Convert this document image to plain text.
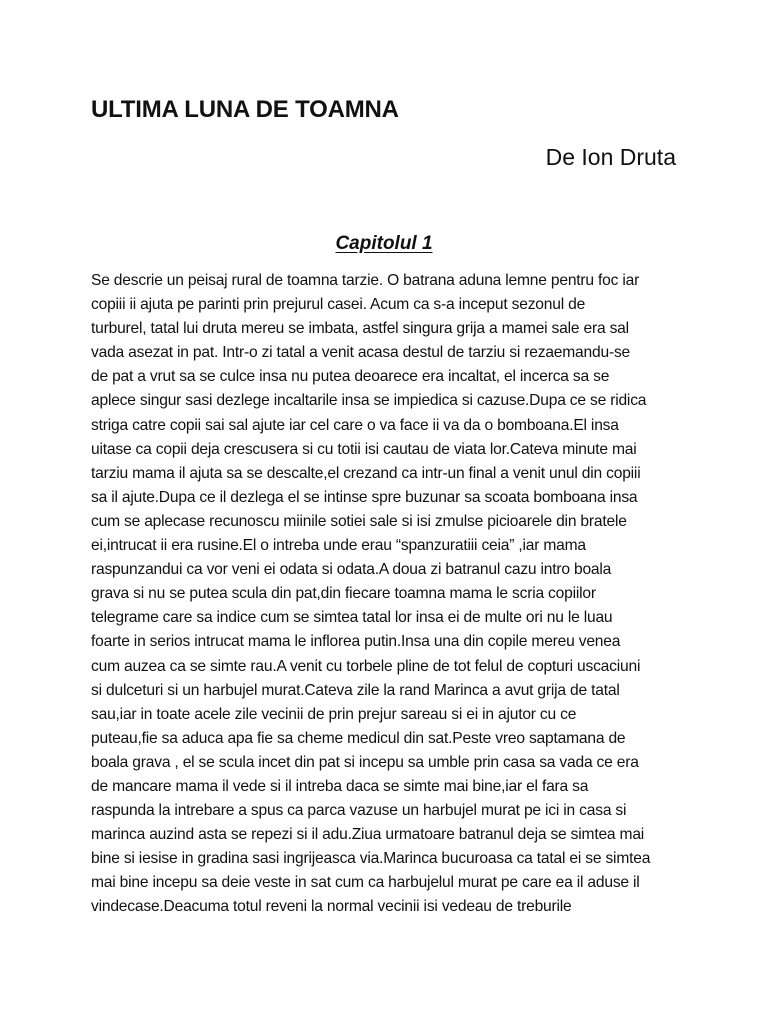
ULTIMA LUNA DE TOAMNA
De Ion Druta
Capitolul 1
Se descrie un peisaj rural de toamna tarzie. O batrana aduna lemne pentru foc iar
copiii ii ajuta pe parinti prin prejurul casei. Acum ca s-a inceput sezonul de
turburel, tatal lui druta mereu se imbata, astfel singura grija a mamei sale era sal
vada asezat in pat. Intr-o zi tatal a venit acasa destul de tarziu si rezaemandu-se
de pat a vrut sa se culce insa nu putea deoarece era incaltat, el incerca sa se
aplece singur sasi dezlege incaltarile insa se impiedica si cazuse.Dupa ce se ridica
striga catre copii sai sal ajute iar cel care o va face ii va da o bomboana.El insa
uitase ca copii deja crescusera si cu totii isi cautau de viata lor.Cateva minute mai
tarziu mama il ajuta sa se descalte,el crezand ca intr-un final a venit unul din copiii
sa il ajute.Dupa ce il dezlega el se intinse spre buzunar sa scoata bomboana insa
cum se aplecase recunoscu miinile sotiei sale si isi zmulse picioarele din bratele
ei,intrucat ii era rusine.El o intreba unde erau “spanzuratiii ceia” ,iar mama
raspunzandui ca vor veni ei odata si odata.A doua zi batranul cazu intro boala
grava si nu se putea scula din pat,din fiecare toamna mama le scria copiilor
telegrame care sa indice cum se simtea tatal lor insa ei de multe ori nu le luau
foarte in serios intrucat mama le inflorea putin.Insa una din copile mereu venea
cum auzea ca se simte rau.A venit cu torbele pline de tot felul de copturi uscaciuni
si dulceturi si un harbujel murat.Cateva zile la rand Marinca a avut grija de tatal
sau,iar in toate acele zile vecinii de prin prejur sareau si ei in ajutor cu ce
puteau,fie sa aduca apa fie sa cheme medicul din sat.Peste vreo saptamana de
boala grava , el se scula incet din pat si incepu sa umble prin casa sa vada ce era
de mancare mama il vede si il intreba daca se simte mai bine,iar el fara sa
raspunda la intrebare a spus ca parca vazuse un harbujel murat pe ici in casa si
marinca auzind asta se repezi si il adu.Ziua urmatoare batranul deja se simtea mai
bine si iesise in gradina sasi ingrijeasca via.Marinca bucuroasa ca tatal ei se simtea
mai bine incepu sa deie veste in sat cum ca harbujelul murat pe care ea il aduse il
vindecase.Deacuma totul reveni la normal vecinii isi vedeau de treburile
